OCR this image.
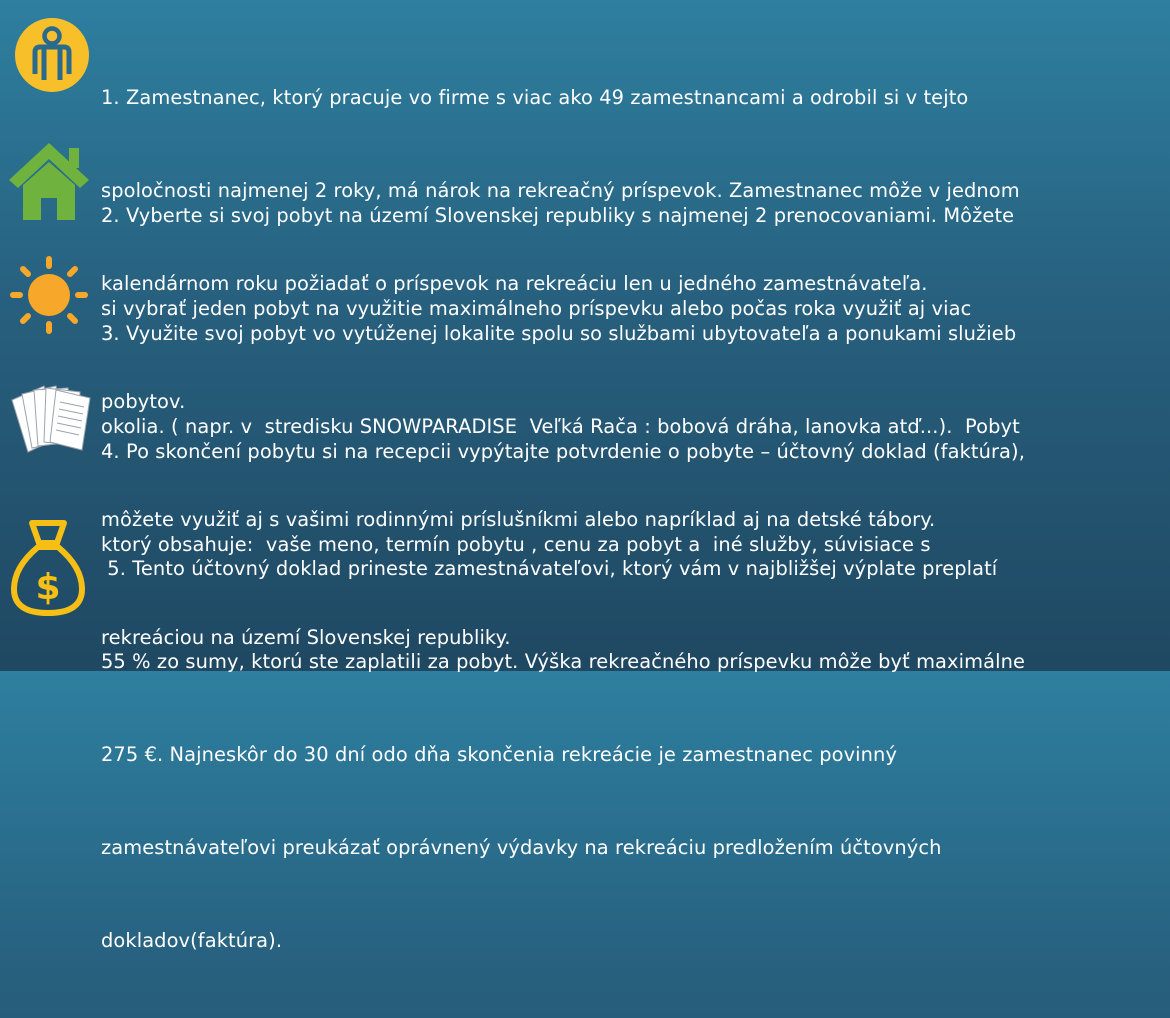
1. Zamestnanec, ktorý pracuje vo firme s viac ako 49 zamestnancami a odrobil si v tejto

spoločnosti najmenej 2 roky, má nárok na rekreačný príspevok. Zamestnanec môže v jednom

kalendárnom roku požiadať o príspevok na rekreáciu len u jedného zamestnávateľa.

2. Vyberte si svoj pobyt na území Slovenskej republiky s najmenej 2 prenocovaniami. Môžete

si vybrať jeden pobyt na využitie maximálneho príspevku alebo počas roka využiť aj viac

pobytov.

3. Využite svoj pobyt vo vytúženej lokalite spolu so službami ubytovateľa a ponukami služieb

okolia. ( napr. v  stredisku SNOWPARADISE  Veľká Rača : bobová dráha, lanovka atď...).  Pobyt

môžete využiť aj s vašimi rodinnými príslušníkmi alebo napríklad aj na detské tábory.

4. Po skončení pobytu si na recepcii vypýtajte potvrdenie o pobyte – účtovný doklad (faktúra),

ktorý obsahuje:  vaše meno, termín pobytu , cenu za pobyt a  iné služby, súvisiace s

rekreáciou na území Slovenskej republiky.

$

5. Tento účtovný doklad prineste zamestnávateľovi, ktorý vám v najbližšej výplate preplatí

55 % zo sumy, ktorú ste zaplatili za pobyt. Výška rekreačného príspevku môže byť maximálne

275 €. Najneskôr do 30 dní odo dňa skončenia rekreácie je zamestnanec povinný

zamestnávateľovi preukázať oprávnený výdavky na rekreáciu predložením účtovných

dokladov(faktúra).
